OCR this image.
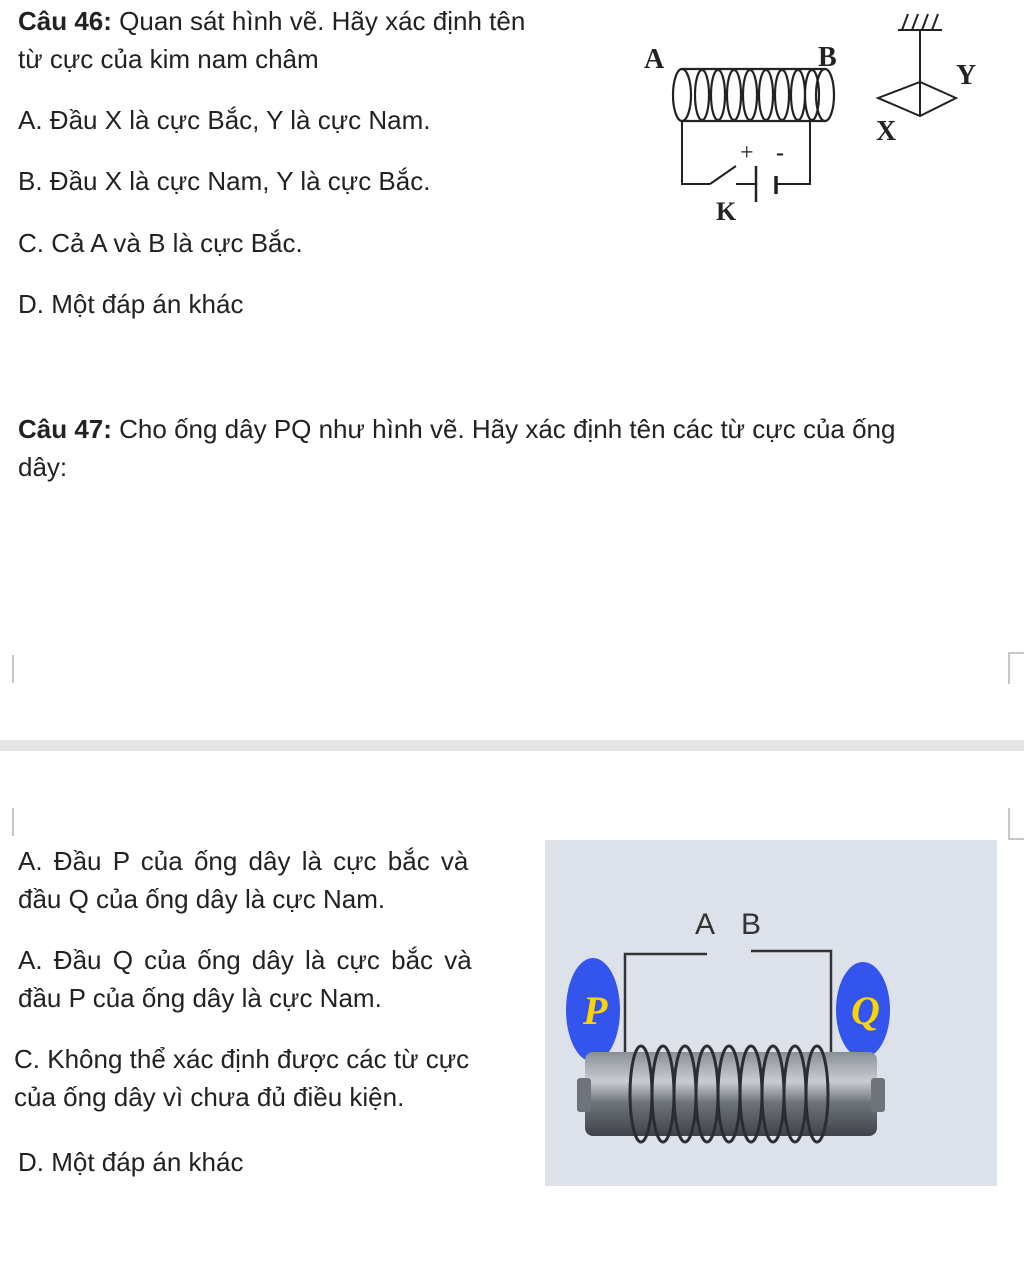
Câu 46: Quan sát hình vẽ. Hãy xác định tên
từ cực của kim nam châm
A. Đầu X là cực Bắc, Y là cực Nam.
B. Đầu X là cực Nam, Y là cực Bắc.
C. Cả A và B là cực Bắc.
D. Một đáp án khác
A	B
+ -
K
Y
X
Câu 47: Cho ống dây PQ như hình vẽ. Hãy xác định tên các từ cực của ống
dây:
A. Đầu P của ống dây là cực bắc và
đầu Q của ống dây là cực Nam.
A. Đầu Q của ống dây là cực bắc và
đầu P của ống dây là cực Nam.
C. Không thể xác định được các từ cực
của ống dây vì chưa đủ điều kiện.
D. Một đáp án khác
A B
P	Q
